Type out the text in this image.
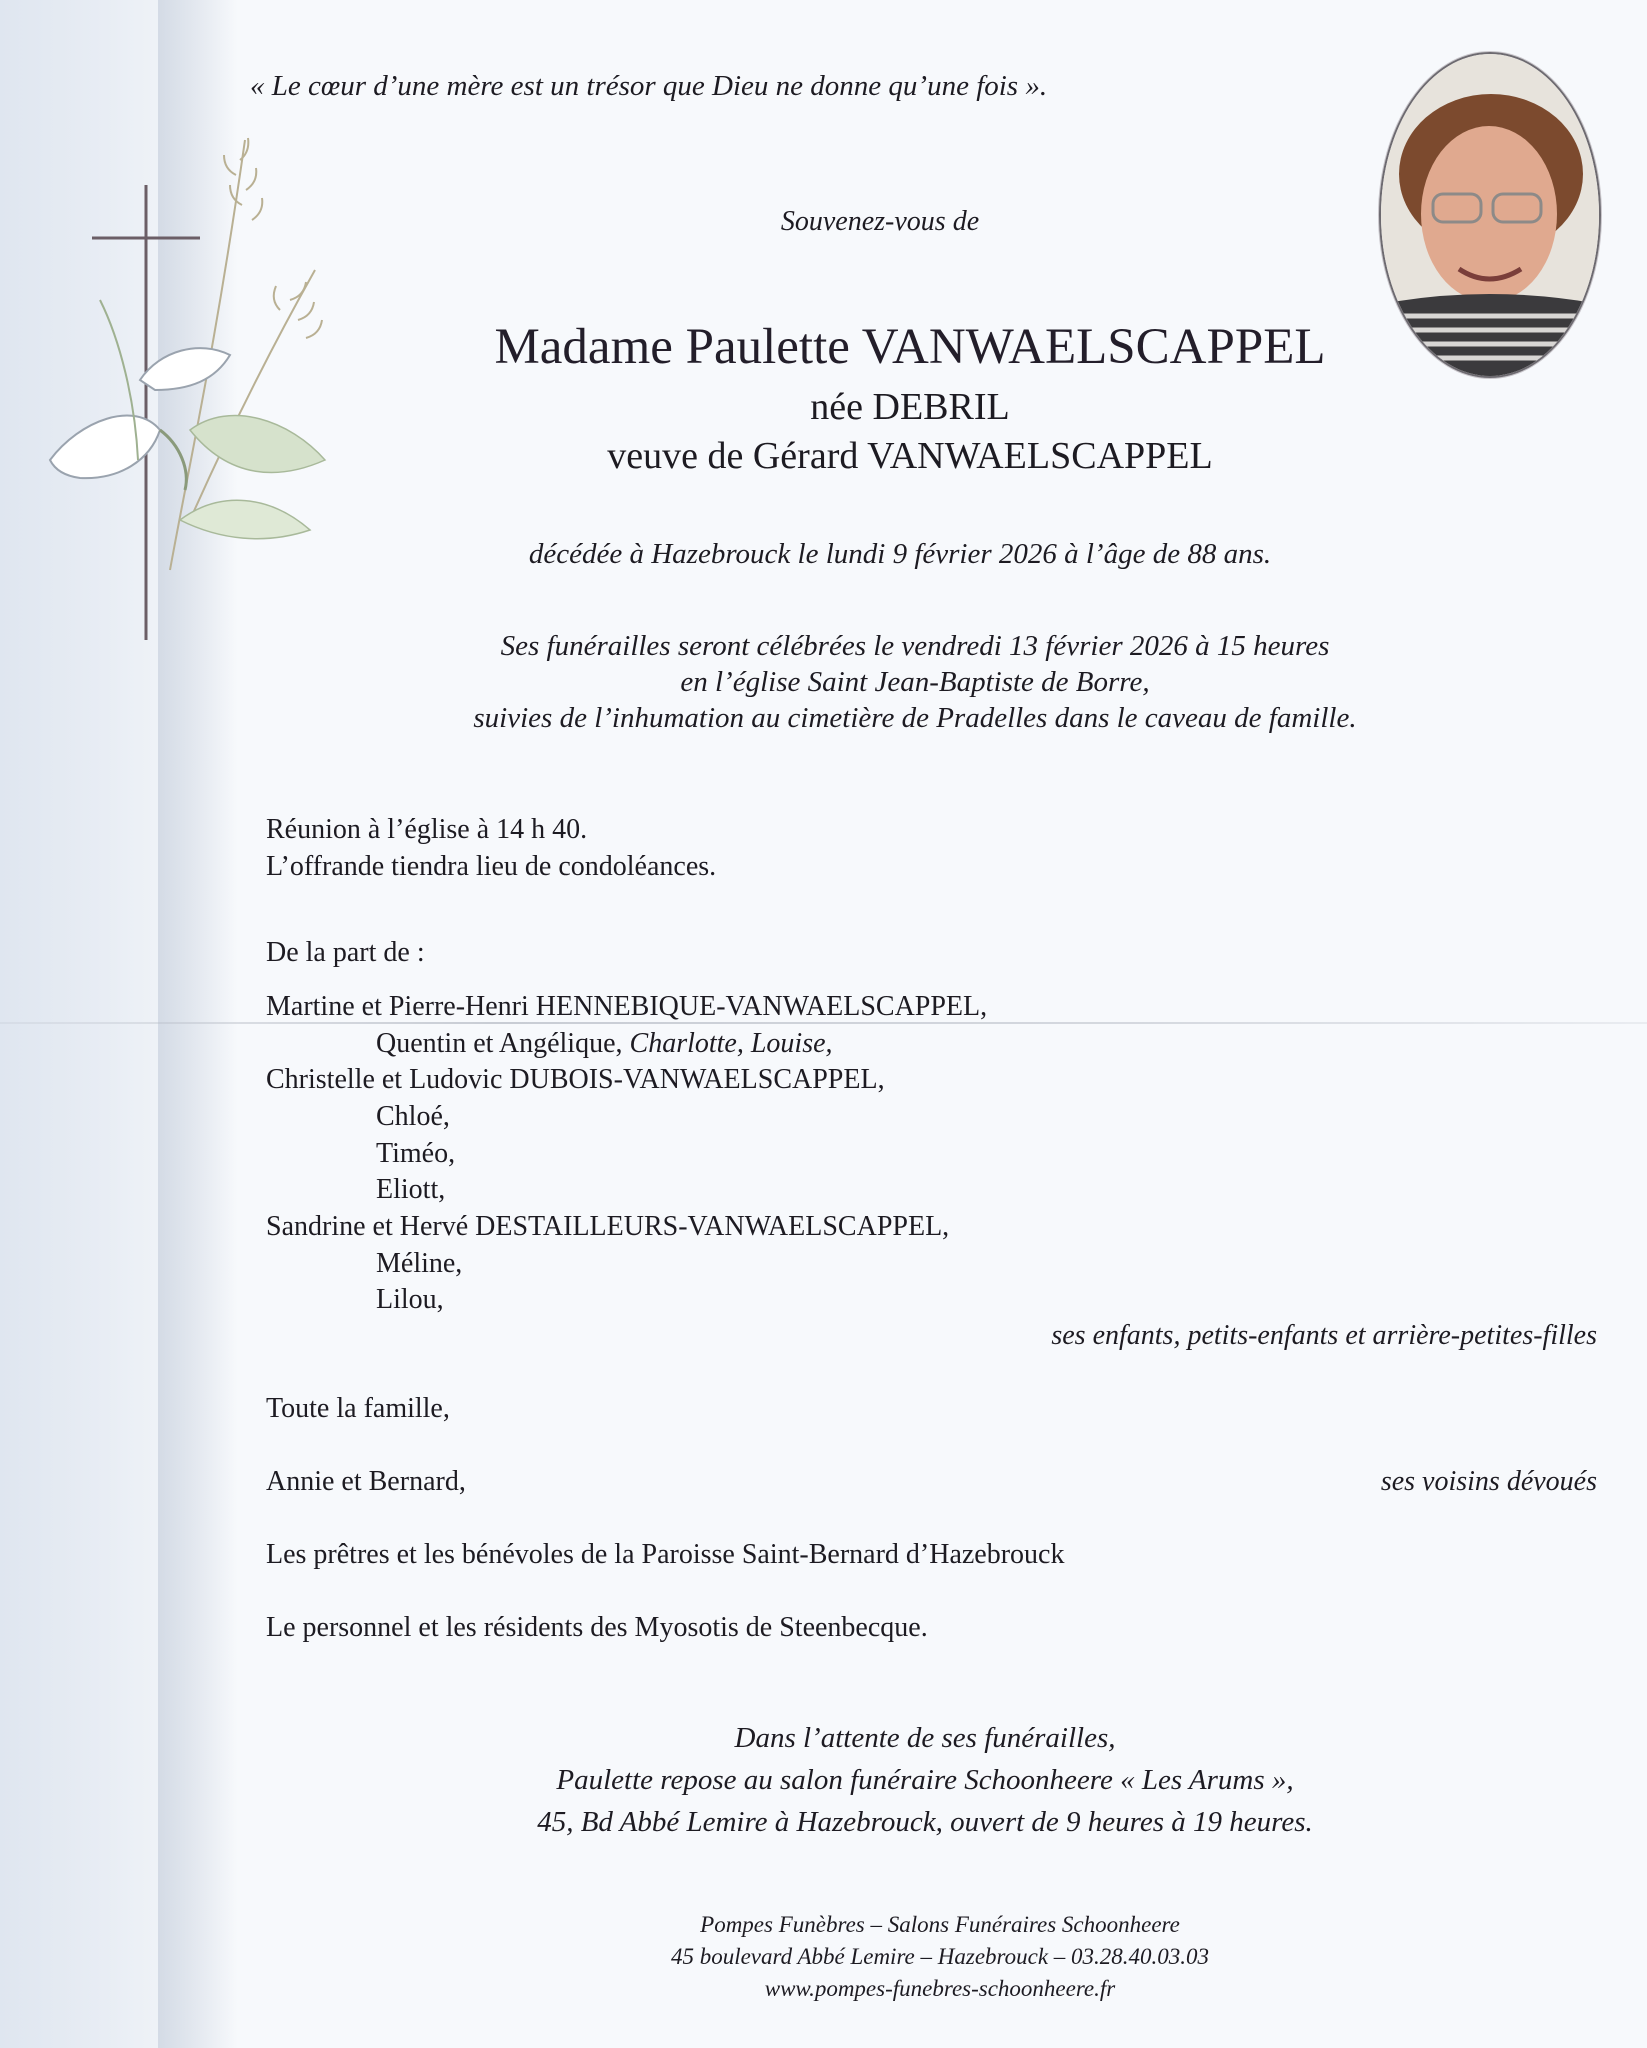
« Le cœur d’une mère est un trésor que Dieu ne donne qu’une fois ».
Souvenez-vous de
Madame Paulette VANWAELSCAPPEL
née DEBRIL
veuve de Gérard VANWAELSCAPPEL
décédée à Hazebrouck le lundi 9 février 2026 à l’âge de 88 ans.
Ses funérailles seront célébrées le vendredi 13 février 2026 à 15 heures
en l’église Saint Jean-Baptiste de Borre,
suivies de l’inhumation au cimetière de Pradelles dans le caveau de famille.
Réunion à l’église à 14 h 40.
L’offrande tiendra lieu de condoléances.
De la part de :
Martine et Pierre-Henri HENNEBIQUE-VANWAELSCAPPEL,
Quentin et Angélique, Charlotte, Louise,
Christelle et Ludovic DUBOIS-VANWAELSCAPPEL,
Chloé,
Timéo,
Eliott,
Sandrine et Hervé DESTAILLEURS-VANWAELSCAPPEL,
Méline,
Lilou,
ses enfants, petits-enfants et arrière-petites-filles
Toute la famille,
Annie et Bernard,	ses voisins dévoués
Les prêtres et les bénévoles de la Paroisse Saint-Bernard d’Hazebrouck
Le personnel et les résidents des Myosotis de Steenbecque.
Dans l’attente de ses funérailles,
Paulette repose au salon funéraire Schoonheere « Les Arums »,
45, Bd Abbé Lemire à Hazebrouck, ouvert de 9 heures à 19 heures.
Pompes Funèbres – Salons Funéraires Schoonheere
45 boulevard Abbé Lemire – Hazebrouck – 03.28.40.03.03
www.pompes-funebres-schoonheere.fr
